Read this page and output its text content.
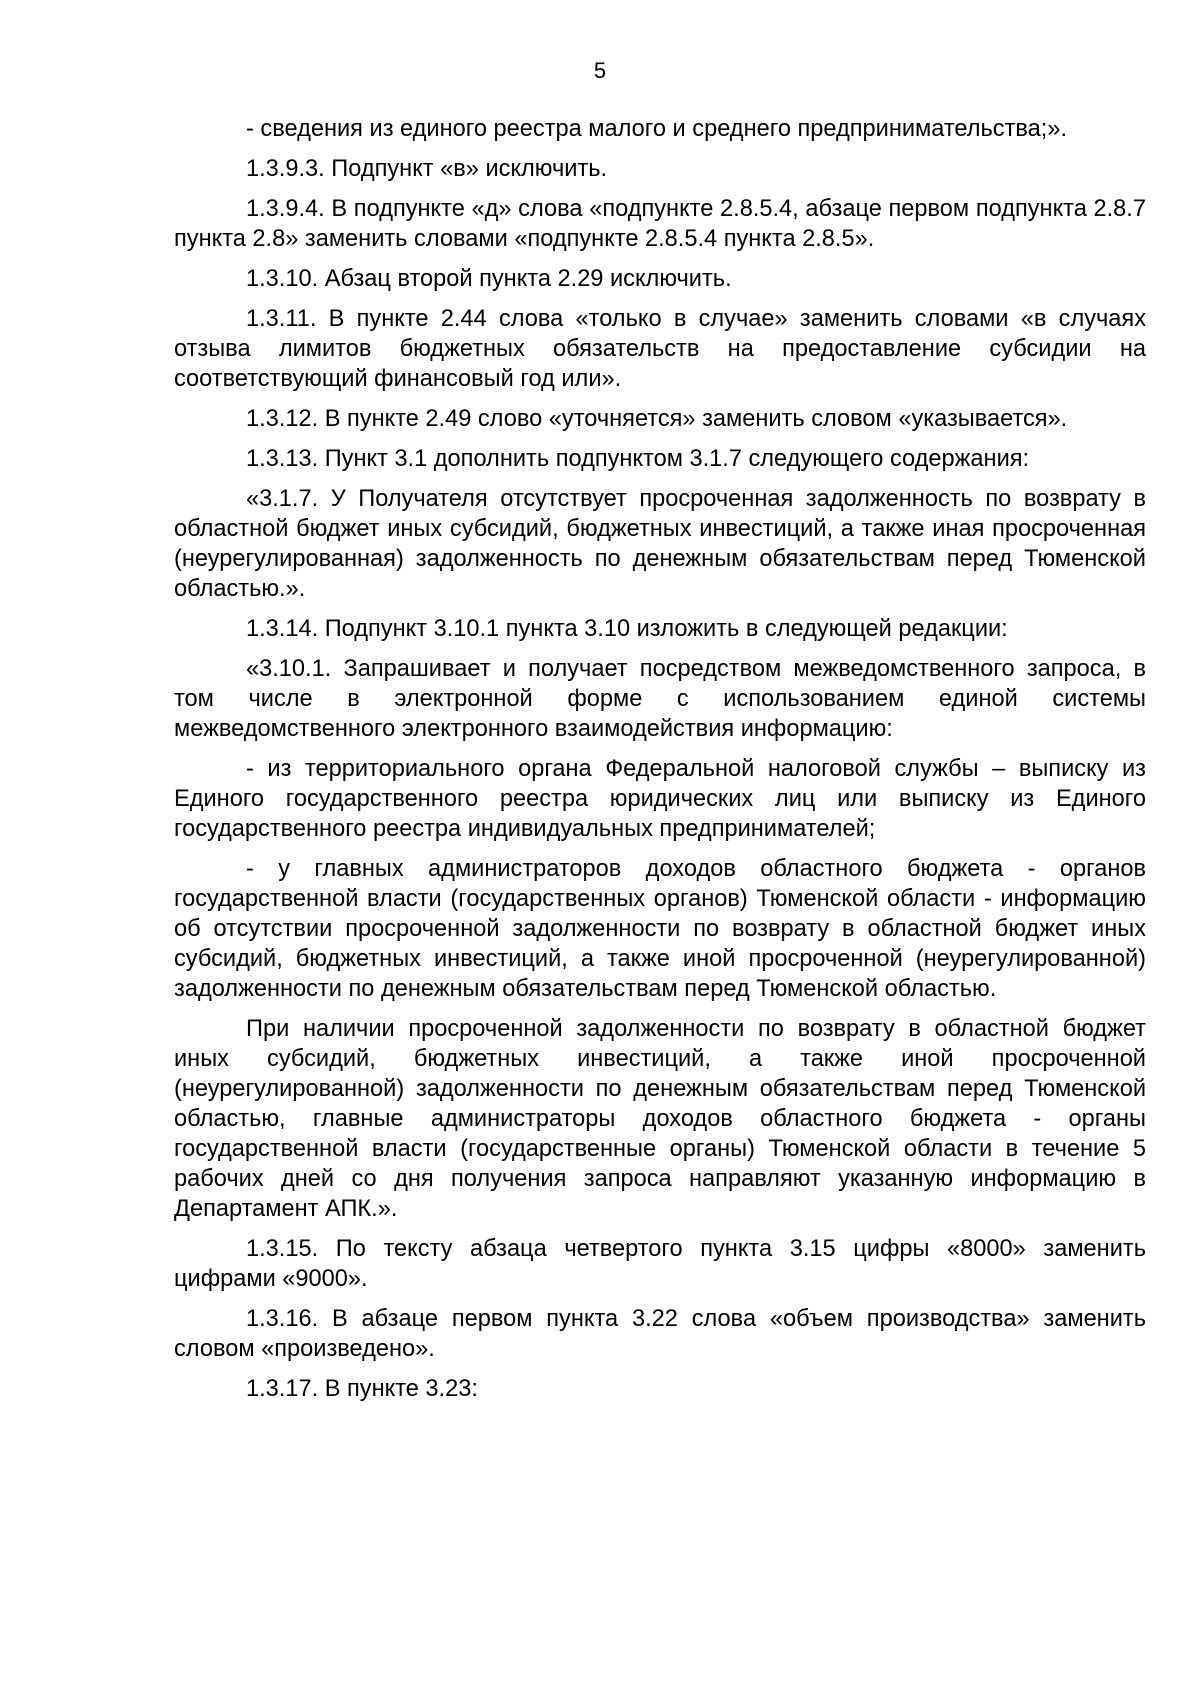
5

- сведения из единого реестра малого и среднего предпринимательства;».

1.3.9.3. Подпункт «в» исключить.

1.3.9.4. В подпункте «д» слова «подпункте 2.8.5.4, абзаце первом подпункта 2.8.7 пункта 2.8» заменить словами «подпункте 2.8.5.4 пункта 2.8.5».

1.3.10. Абзац второй пункта 2.29 исключить.

1.3.11. В пункте 2.44 слова «только в случае» заменить словами «в случаях отзыва лимитов бюджетных обязательств на предоставление субсидии на соответствующий финансовый год или».

1.3.12. В пункте 2.49 слово «уточняется» заменить словом «указывается».

1.3.13. Пункт 3.1 дополнить подпунктом 3.1.7 следующего содержания:

«3.1.7. У Получателя отсутствует просроченная задолженность по возврату в областной бюджет иных субсидий, бюджетных инвестиций, а также иная просроченная (неурегулированная) задолженность по денежным обязательствам перед Тюменской областью.».

1.3.14. Подпункт 3.10.1 пункта 3.10 изложить в следующей редакции:

«3.10.1. Запрашивает и получает посредством межведомственного запроса, в том числе в электронной форме с использованием единой системы межведомственного электронного взаимодействия информацию:

- из территориального органа Федеральной налоговой службы – выписку из Единого государственного реестра юридических лиц или выписку из Единого государственного реестра индивидуальных предпринимателей;

- у главных администраторов доходов областного бюджета - органов государственной власти (государственных органов) Тюменской области - информацию об отсутствии просроченной задолженности по возврату в областной бюджет иных субсидий, бюджетных инвестиций, а также иной просроченной (неурегулированной) задолженности по денежным обязательствам перед Тюменской областью.

При наличии просроченной задолженности по возврату в областной бюджет иных субсидий, бюджетных инвестиций, а также иной просроченной (неурегулированной) задолженности по денежным обязательствам перед Тюменской областью, главные администраторы доходов областного бюджета - органы государственной власти (государственные органы) Тюменской области в течение 5 рабочих дней со дня получения запроса направляют указанную информацию в Департамент АПК.».

1.3.15. По тексту абзаца четвертого пункта 3.15 цифры «8000» заменить цифрами «9000».

1.3.16. В абзаце первом пункта 3.22 слова «объем производства» заменить словом «произведено».

1.3.17. В пункте 3.23:
